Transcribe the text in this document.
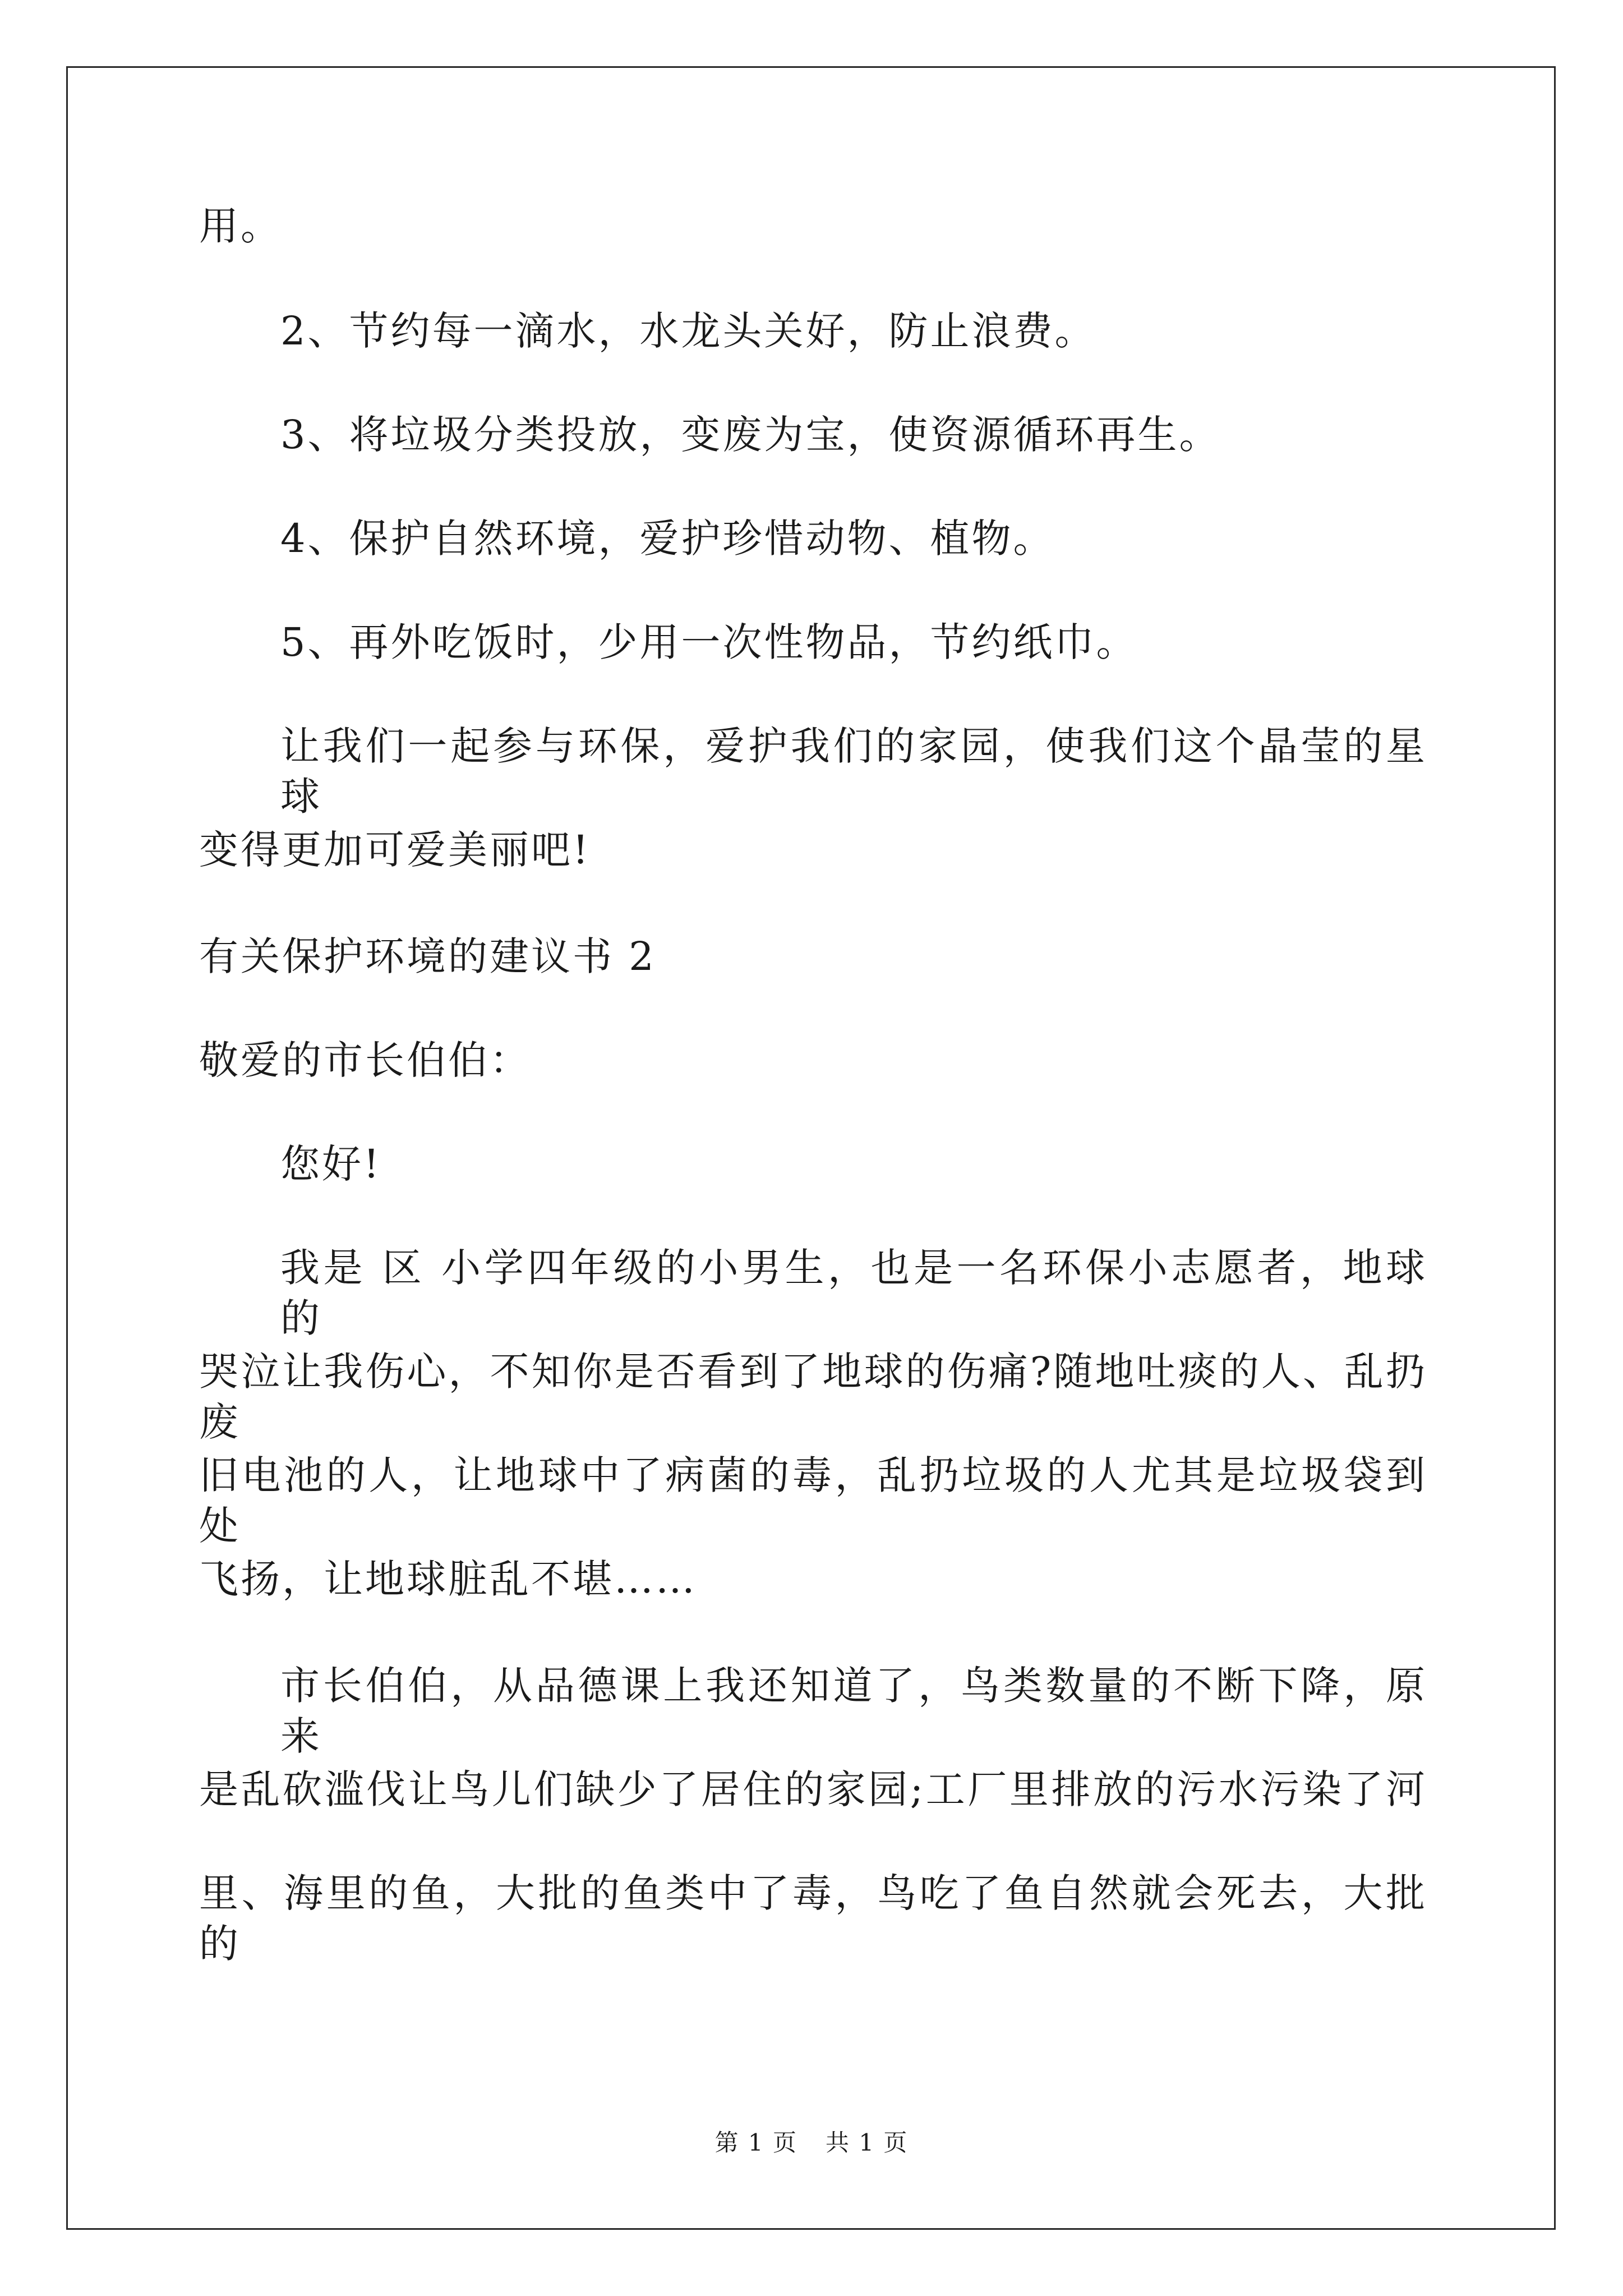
用。
2、节约每一滴水，水龙头关好，防止浪费。
3、将垃圾分类投放，变废为宝，使资源循环再生。
4、保护自然环境，爱护珍惜动物、植物。
5、再外吃饭时，少用一次性物品，节约纸巾。
让我们一起参与环保，爱护我们的家园，使我们这个晶莹的星球
变得更加可爱美丽吧!
有关保护环境的建议书 2
敬爱的市长伯伯：
您好!
我是 区 小学四年级的小男生，也是一名环保小志愿者，地球的
哭泣让我伤心，不知你是否看到了地球的伤痛?随地吐痰的人、乱扔废
旧电池的人，让地球中了病菌的毒，乱扔垃圾的人尤其是垃圾袋到处
飞扬，让地球脏乱不堪……
市长伯伯，从品德课上我还知道了，鸟类数量的不断下降，原来
是乱砍滥伐让鸟儿们缺少了居住的家园;工厂里排放的污水污染了河
里、海里的鱼，大批的鱼类中了毒，鸟吃了鱼自然就会死去，大批的
第 1 页 共 1 页
